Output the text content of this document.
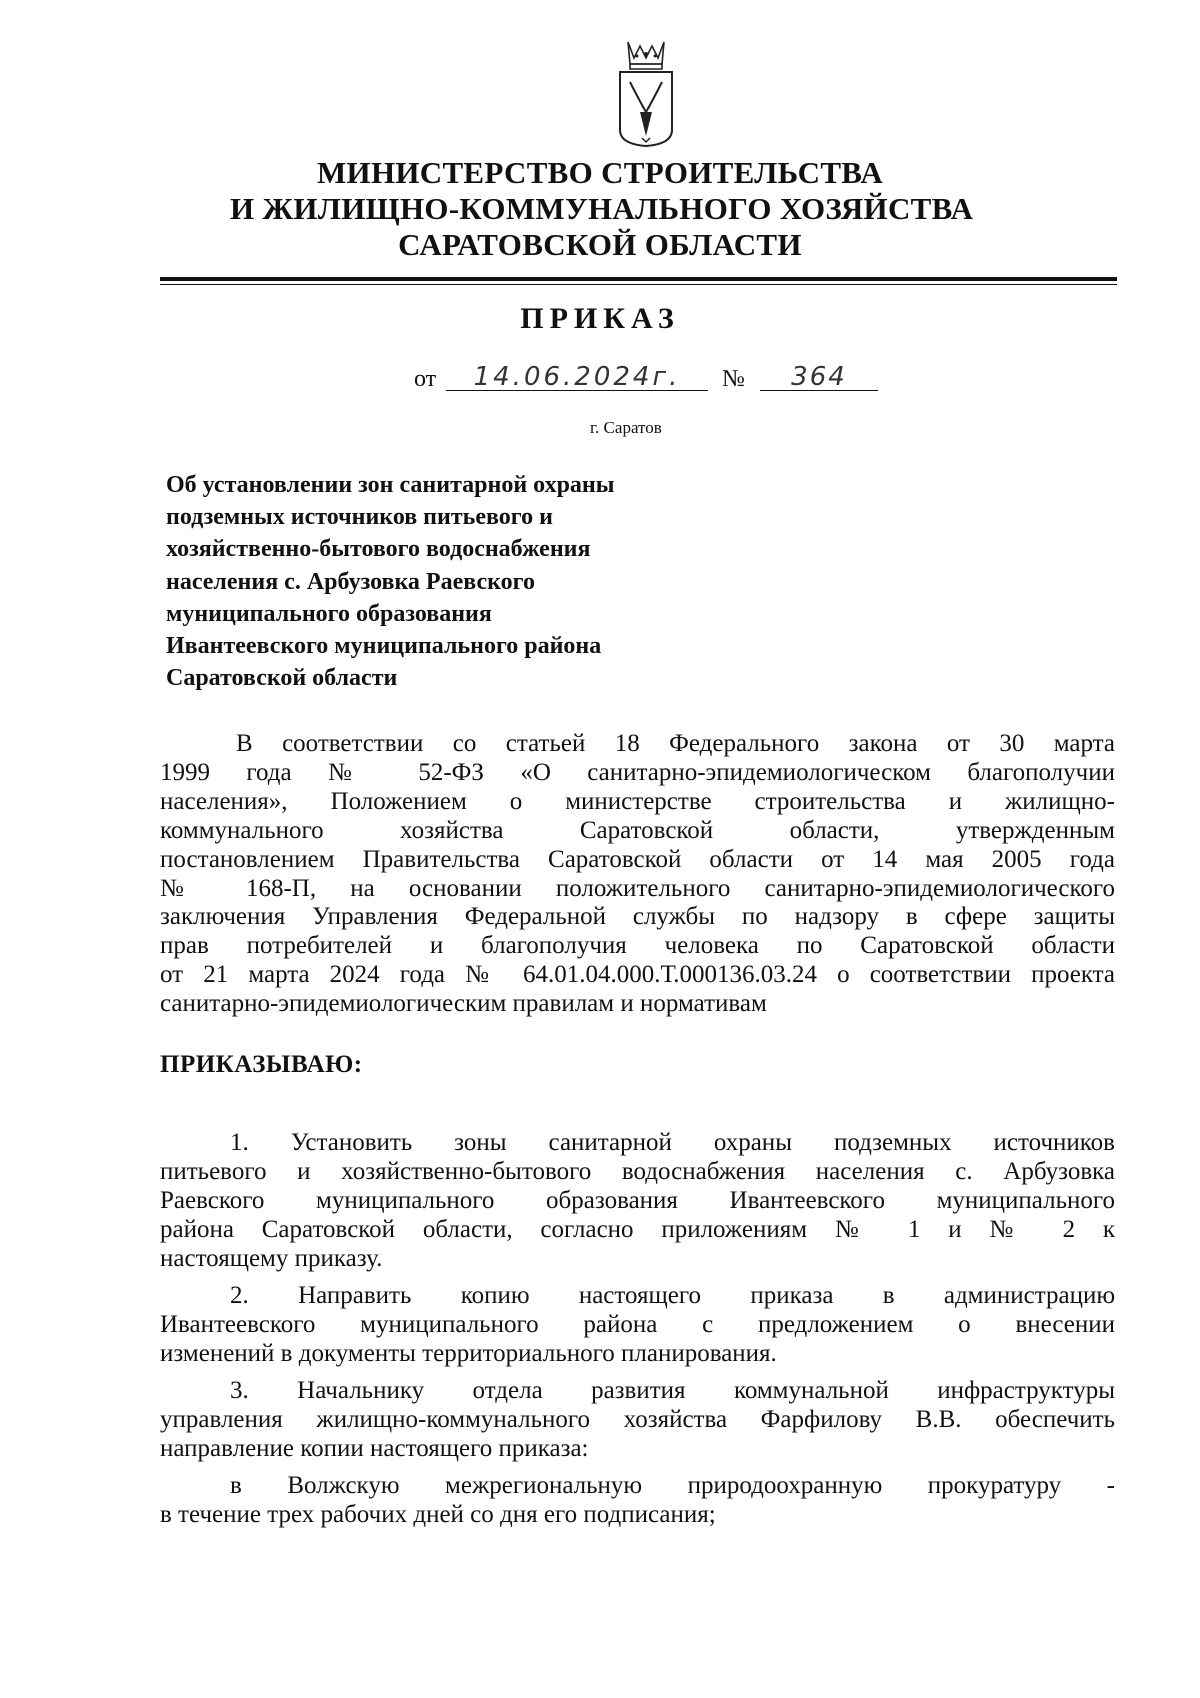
МИНИСТЕРСТВО СТРОИТЕЛЬСТВА
И ЖИЛИЩНО-КОММУНАЛЬНОГО ХОЗЯЙСТВА
САРАТОВСКОЙ ОБЛАСТИ
ПРИКАЗ
от	14.06.2024г.	№	364
г. Саратов
Об установлении зон санитарной охраны
подземных источников питьевого и
хозяйственно-бытового водоснабжения
населения с. Арбузовка Раевского
муниципального образования
Ивантеевского муниципального района
Саратовской области
В соответствии со статьей 18 Федерального закона от 30 марта
1999 года № 52-ФЗ «О санитарно-эпидемиологическом благополучии
населения», Положением о министерстве строительства и жилищно-
коммунального хозяйства Саратовской области, утвержденным
постановлением Правительства Саратовской области от 14 мая 2005 года
№ 168-П, на основании положительного санитарно-эпидемиологического
заключения Управления Федеральной службы по надзору в сфере защиты
прав потребителей и благополучия человека по Саратовской области
от 21 марта 2024 года № 64.01.04.000.Т.000136.03.24 о соответствии проекта
санитарно-эпидемиологическим правилам и нормативам
ПРИКАЗЫВАЮ:
1. Установить зоны санитарной охраны подземных источников
питьевого и хозяйственно-бытового водоснабжения населения с. Арбузовка
Раевского муниципального образования Ивантеевского муниципального
района Саратовской области, согласно приложениям № 1 и № 2 к
настоящему приказу.
2. Направить копию настоящего приказа в администрацию
Ивантеевского муниципального района с предложением о внесении
изменений в документы территориального планирования.
3. Начальнику отдела развития коммунальной инфраструктуры
управления жилищно-коммунального хозяйства Фарфилову В.В. обеспечить
направление копии настоящего приказа:
в Волжскую межрегиональную природоохранную прокуратуру -
в течение трех рабочих дней со дня его подписания;
